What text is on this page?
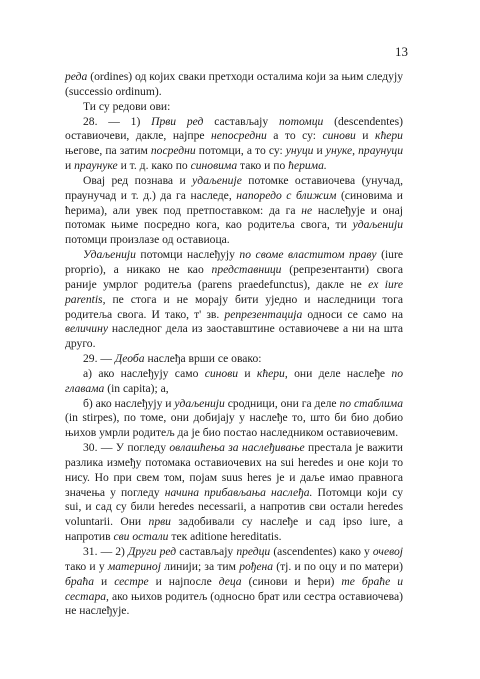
13

реда (ordines) од којих сваки претходи осталима који за њим следују (successio ordinum).

Ти су редови ови:

28. — 1) Први ред састављају потомци (descendentes) оставиочеви, дакле, најпре непосредни а то су: синови и кћери његове, па затим посредни потомци, а то су: унуци и унуке, праунуци и праунуке и т. д. како по синовима тако и по ћерима.

Овај ред познава и удаљеније потомке оставиочева (унучад, праунучад и т. д.) да га наследе, напоредо с ближим (синовима и ћерима), али увек под претпоставком: да га не наслеђује и онај потомак њиме посредно кога, као родитеља свога, ти удаљенији потомци произлазе од оставиоца.

Удаљенији потомци наслеђују по своме властитом праву (iure proprio), а никако не као представници (репрезентанти) свога раније умрлог родитеља (parens praedefunctus), дакле не ex iure parentis, пе стога и не морају бити уједно и наследници тога родитеља свога. И тако, т' зв. репрезентација односи се само на величину наследног дела из заоставштине оставиочеве а ни на шта друго.

29. — Деоба наслеђа врши се овако:

а) ако наслеђују само синови и кћери, они деле наслеђе по главама (in capita); а,

б) ако наслеђују и удаљенији сродници, они га деле по стаблима (in stirpes), по томе, они добијају у наслеђе то, што би био добио њихов умрли родитељ да је био постао наследником оставиочевим.

30. — У погледу овлашћења за наслеђивање престала је важити разлика између потомака оставиочевих на sui heredes и оне који то нису. Но при свем том, појам suus heres је и даље имао правнога значења у погледу начина прибављања наслеђа. Потомци који су sui, и сад су били heredes necessarii, а напротив сви остали heredes voluntarii. Они први задобивали су наслеђе и сад ipso iure, а напротив сви остали тек aditione hereditatis.

31. — 2) Други ред састављају предци (ascendentes) како у очевој тако и у материној линији; за тим рођена (тј. и по оцу и по матери) браћа и сестре и најпосле деца (синови и ћери) те браће и сестара, ако њихов родитељ (односно брат или сестра оставиочева) не наслеђује.
